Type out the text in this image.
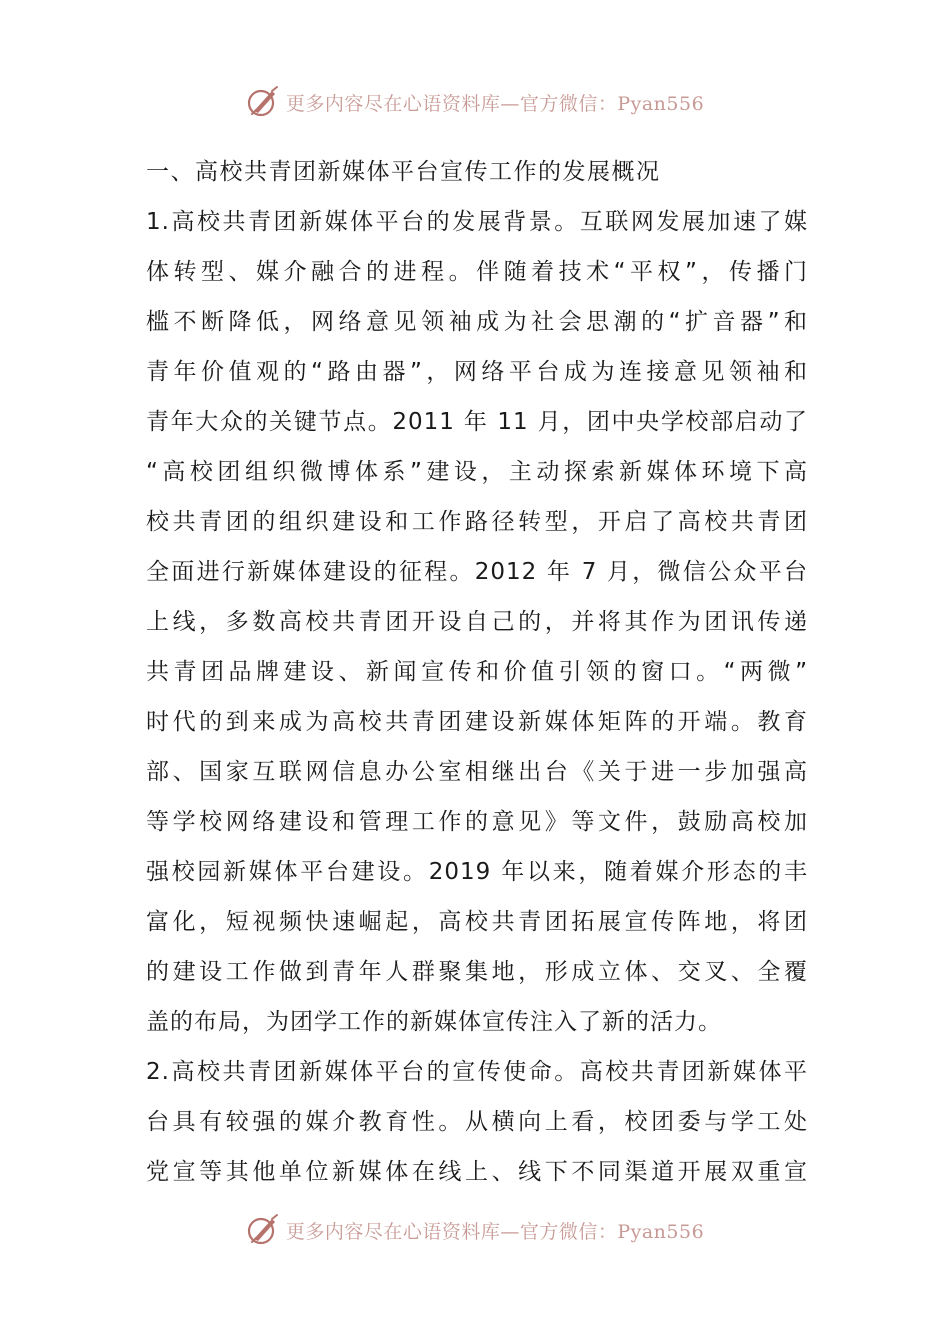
更多内容尽在心语资料库—官方微信：Pyan556
一、高校共青团新媒体平台宣传工作的发展概况
1.高校共青团新媒体平台的发展背景。互联网发展加速了媒
体转型、媒介融合的进程。伴随着技术“平权”，传播门
槛不断降低，网络意见领袖成为社会思潮的“扩音器”和
青年价值观的“路由器”，网络平台成为连接意见领袖和
青年大众的关键节点。2011 年 11 月，团中央学校部启动了
“高校团组织微博体系”建设，主动探索新媒体环境下高
校共青团的组织建设和工作路径转型，开启了高校共青团
全面进行新媒体建设的征程。2012 年 7 月，微信公众平台
上线，多数高校共青团开设自己的，并将其作为团讯传递
共青团品牌建设、新闻宣传和价值引领的窗口。“两微”
时代的到来成为高校共青团建设新媒体矩阵的开端。教育
部、国家互联网信息办公室相继出台《关于进一步加强高
等学校网络建设和管理工作的意见》等文件，鼓励高校加
强校园新媒体平台建设。2019 年以来，随着媒介形态的丰
富化，短视频快速崛起，高校共青团拓展宣传阵地，将团
的建设工作做到青年人群聚集地，形成立体、交叉、全覆
盖的布局，为团学工作的新媒体宣传注入了新的活力。
2.高校共青团新媒体平台的宣传使命。高校共青团新媒体平
台具有较强的媒介教育性。从横向上看，校团委与学工处
党宣等其他单位新媒体在线上、线下不同渠道开展双重宣
更多内容尽在心语资料库—官方微信：Pyan556
